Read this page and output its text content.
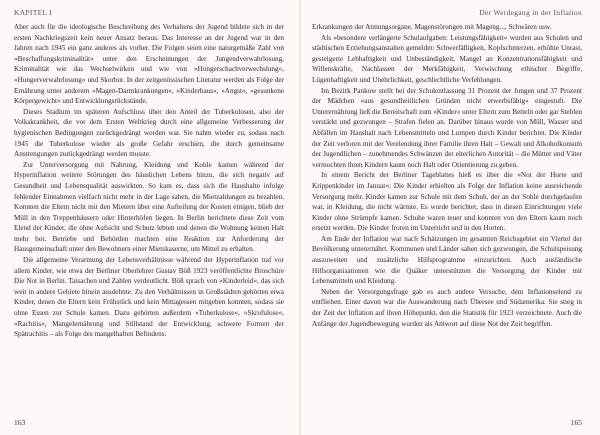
KAPITEL I

Aber auch für die ideologische Beschreibung des Verhaltens der Jugend bildete sich in der ersten Nachkriegszeit kein neuer Ansatz heraus. Das Interesse an der Jugend war in den Jahren nach 1945 ein ganz anderes als vorher. Die Folgen seien eine naturgemäße Zahl von »Beschaffungskriminalität« unter den Erscheinungen der Jungendverwahrlosung, Kriminalität wie das Wechselwirken und wie von »Hungerschachverwechslung«, »Hungerverwahrlosung« und Skorbut. In der zeitgenössischen Literatur werden als Folge der Ernährung unter anderem »Magen-Darmkrankungen«, »Kinderhaus«, »Angst«, »gesunkene Körpergewicht« und Entwicklungsrückstände.

Dieses Stadium im späteren Aufschluss über den Anteil der Tuberkulosen, also der Volkskrankheit, die vor dem Ersten Weltkrieg durch eine allgemeine Verbesserung der hygienischen Bedingungen zurückgedrängt worden war. Sie nahm wieder zu, sodass nach 1945 die Tuberkulose wieder als große Gefahr erschien, die durch gemeinsame Anstrengungen zurückgedrängt werden musste.

Zur Unterversorgung mit Nahrung, Kleidung und Kohle kamen während der Hyperinflation weitere Störungen des häuslichen Lebens hinzu, die sich negativ auf Gesundheit und Lebensqualität auswirkten. So kam es, dass sich die Haushalte infolge fehlender Einnahmen vielfach nicht mehr in der Lage sahen, die Mietzahlungen zu bezahlen. Konnten die Eltern nicht mit den Mietern über eine Aufteilung der Kosten einigen, blieb der Müll in den Treppenhäusern oder Hinterhöfen liegen. In Berlin berichtete diese Zeit vom Elend der Kinder, die ohne Aufsicht und Schutz lebten und denen die Wohnung keinen Halt mehr bot. Betriebe und Behörden machten eine Reaktion zur Anforderung der Hausgemeinschaft unter den Bewohnern einer Mietskaserne, um Mittel zu erhalten.

Die allgemeine Verarmung der Lebensverhältnisse während der Hyperinflation traf vor allem Kinder, wie etwa der Berliner Oberlehrer Gustav Böß 1923 veröffentlichte Broschüre Die Not in Berlin. Tatsachen und Zahlen verdeutlicht. Böß sprach von »Kinderleid«, das sich weit in andere Gebiete hinein ausdehnte. Zu den Verhältnissen in Großstädten gehörten etwa Kinder, denen die Eltern kein Frühstück und kein Mittagessen mitgeben konnten, sodass sie ohne Essen zur Schule kamen. Dazu gehörten außerdem »Tuberkulose«, »Skrofulose«, »Rachitis«, Mangelernährung und Stillstand der Entwicklung, schwere Formen der Spätrachitis – als Folge des mangelhaften Befindens.

163
Der Werdegang in der Inflation

Erkrankungen der Atmungsorgane, Magenstörungen mit Mageng..., Schwären usw.

Als »besondere verlängerte Schulaufgaben: Leistungsfähigkeit« wurden aus Schulen und städtischen Erziehungsanstalten gemeldet: Schwerfälligkeit, Kopfschmerzen, erhöhte Unrast, gesteigerte Lebhaftigkeit und Unbeständigkeit, Mangel an Konzentrationsfähigkeit und Willenskräfte, Nachlassen der Merkfähigkeit, Verwischung ethischer Begriffe, Lügenhaftigkeit und Unehrlichkeit, geschlechtliche Verfehlungen.

Im Bezirk Pankow stellt bei der Schulentlassung 31 Prozent der Jungen und 37 Prozent der Mädchen »aus gesundheitlichen Gründen nicht erwerbsfähig« eingestuft. Die Unterernährung ließ die Bereitschaft zum »Kinder« unter Eltern zum Betteln oder gar Stehlen verstärkt und gezwungen – Strafen fielen an. Darüber hinaus wurde von Müll, Wasser und Abfällen im Haushalt nach Lebensmitteln und Lumpen durch Kinder berichtet. Die Kinder der Zeit verloren mit der Verelendung ihrer Familie ihren Halt – Gewalt und Alkoholkonsum der Jugendlichen – zunehmendes Schwänzen der elterlichen Autorität – die Mütter und Väter vermochten ihren Kindern kaum noch Halt oder Orientierung zu geben.

In einem Bericht der Berliner Tageblattes hieß es über die »Not der Horte und Krippenkinder im Januar«: Die Kinder erhielten als Folge der Inflation keine ausreichende Versorgung mehr. Kinder kamen zur Schule mit dem Schuh, der an der Sohle durchgelaufen war, in Kleidung, die nicht wärmte. Es wurde berichtet, dass in diesen Einrichtungen viele Kinder ohne Strümpfe kamen. Schuhe waren teuer und konnten von den Eltern kaum noch ersetzt werden. Die Kinder froren im Unterricht und in den Horten.

Am Ende der Inflation war nach Schätzungen im gesamten Reichsgebiet ein Viertel der Bevölkerung unterernährt. Kommunen und Länder sahen sich gezwungen, die Schulspeisung auszuweiten und zusätzliche Hilfsprogramme einzurichten. Auch ausländische Hilfsorganisationen wie die Quäker unterstützten die Versorgung der Kinder mit Lebensmitteln und Kleidung.

Neben der Versorgungsfrage gab es auch andere Versuche, dem Inflationselend zu entfliehen. Einer davon war die Auswanderung nach Übersee und Südamerika. Sie stieg in der Zeit der Inflation auf ihren Höhepunkt, den die Statistik für 1923 verzeichnete. Auch die Anfänge der Jugendbewegung wurden als Antwort auf diese Not der Zeit begriffen.

165
